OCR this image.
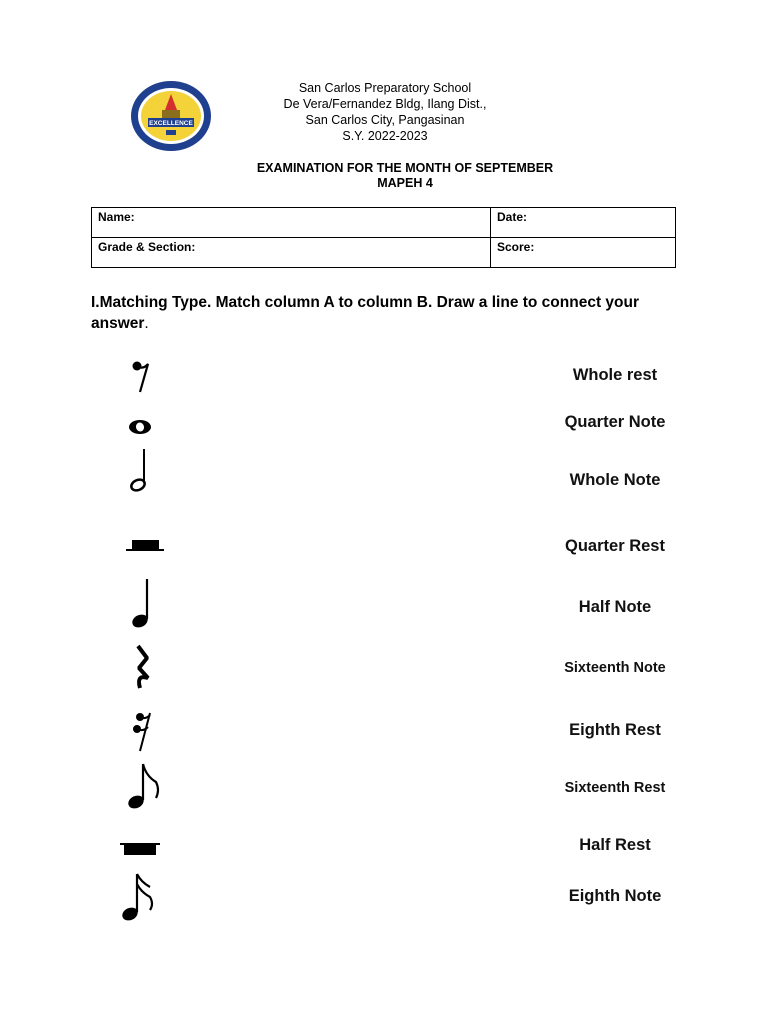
EXCELLENCE
San Carlos Preparatory School
De Vera/Fernandez Bldg, Ilang Dist.,
San Carlos City, Pangasinan
S.Y. 2022-2023
EXAMINATION FOR THE MONTH OF SEPTEMBER
MAPEH 4
Name:	Date:
Grade & Section:	Score:
I.Matching Type. Match column A to column B. Draw a line to connect your answer.
Whole rest
Quarter Note
Whole Note
Quarter Rest
Half Note
Sixteenth Note
Eighth Rest
Sixteenth Rest
Half Rest
Eighth Note
